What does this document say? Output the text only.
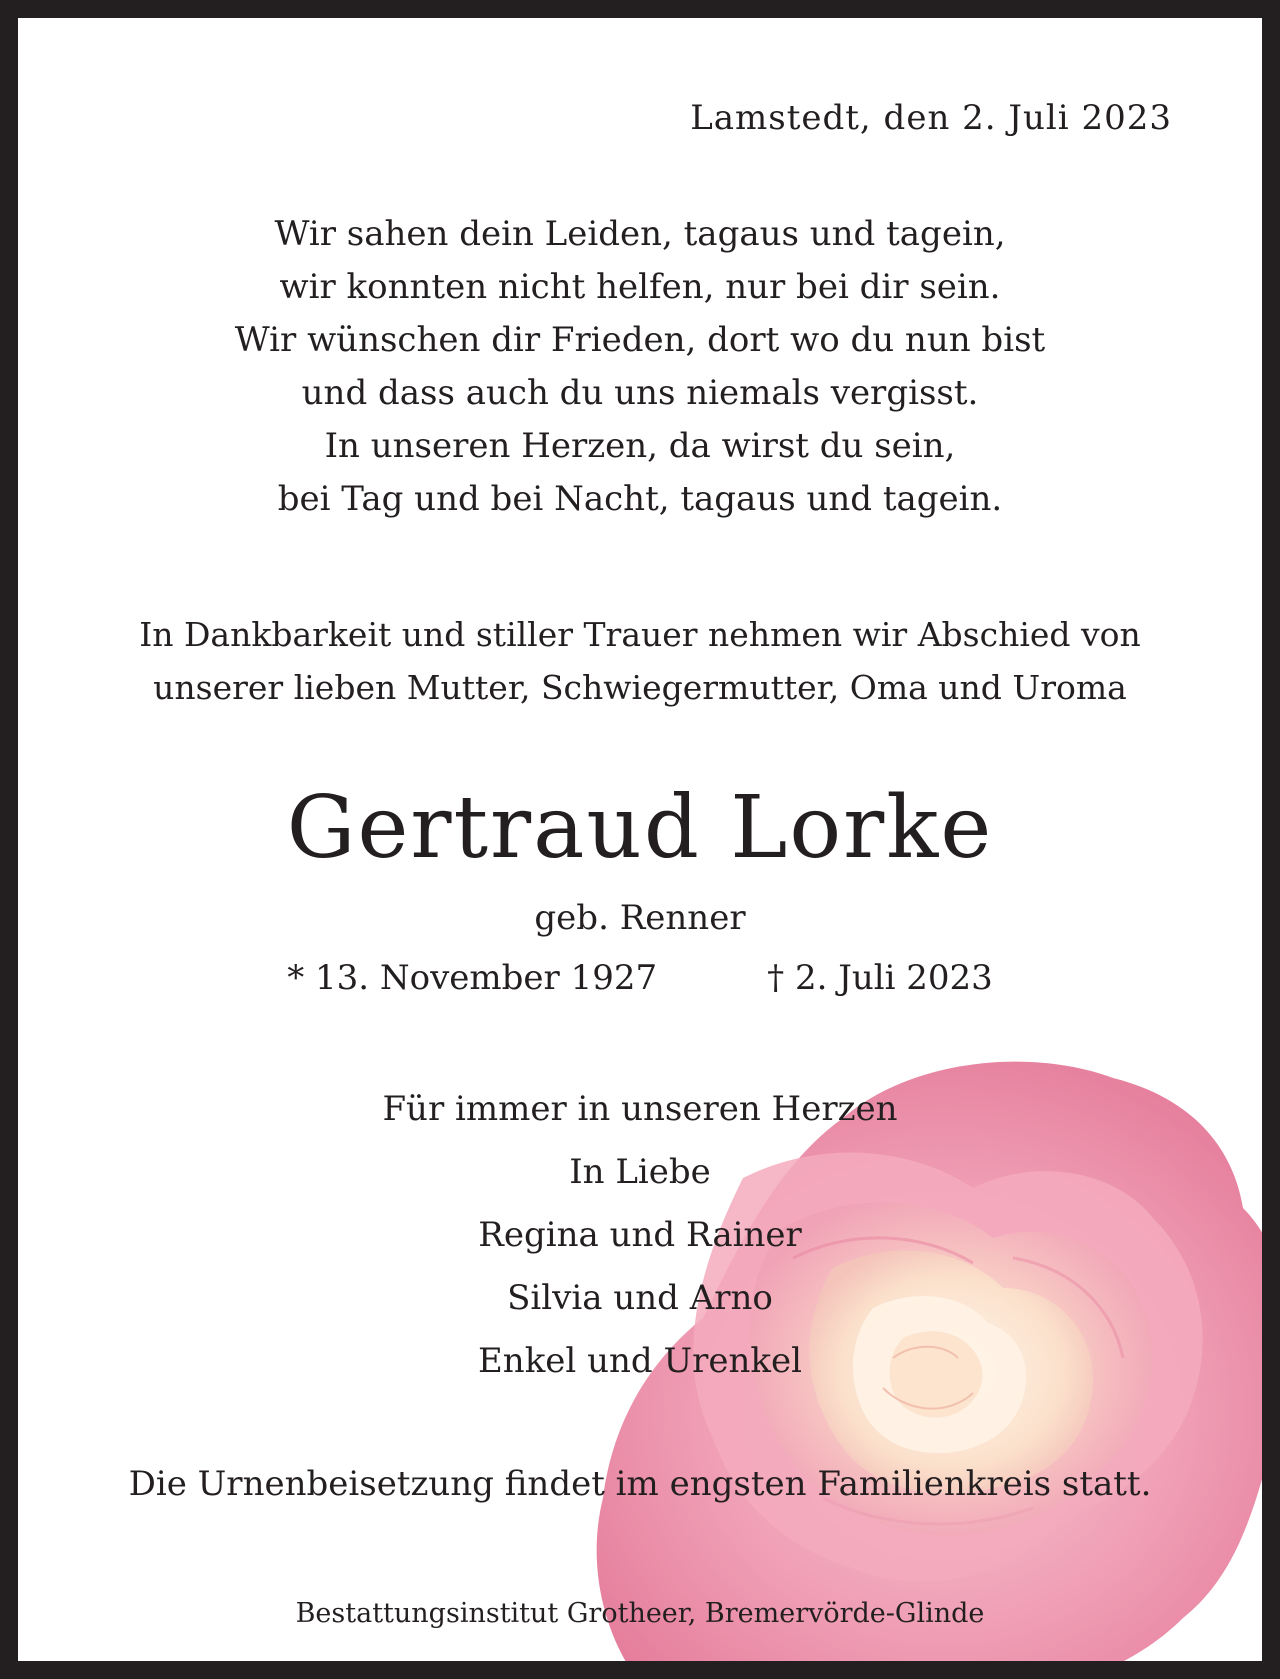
Lamstedt, den 2. Juli 2023
Wir sahen dein Leiden, tagaus und tagein,
wir konnten nicht helfen, nur bei dir sein.
Wir wünschen dir Frieden, dort wo du nun bist
und dass auch du uns niemals vergisst.
In unseren Herzen, da wirst du sein,
bei Tag und bei Nacht, tagaus und tagein.
In Dankbarkeit und stiller Trauer nehmen wir Abschied von
unserer lieben Mutter, Schwiegermutter, Oma und Uroma
Gertraud Lorke
geb. Renner
* 13. November 1927	† 2. Juli 2023
Für immer in unseren Herzen
In Liebe
Regina und Rainer
Silvia und Arno
Enkel und Urenkel
Die Urnenbeisetzung findet im engsten Familienkreis statt.
Bestattungsinstitut Grotheer, Bremervörde-Glinde
